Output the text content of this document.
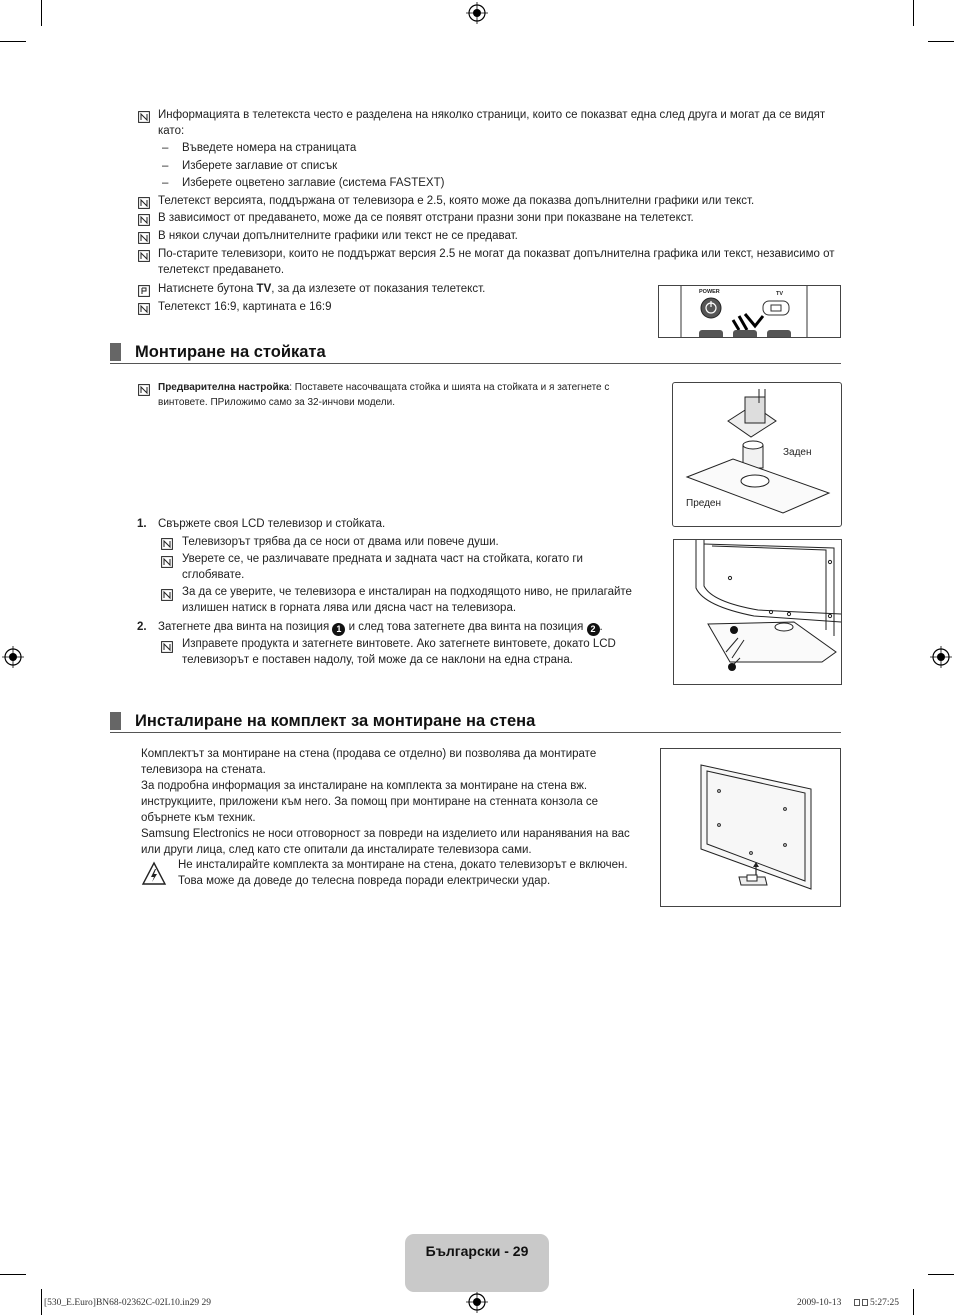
Информацията в телетекста често е разделена на няколко страници, които се показват една след друга и могат да се видят като:
– Въведете номера на страницата
– Изберете заглавие от списък
– Изберете оцветено заглавие (система FASTEXT)
Телетекст версията, поддържана от телевизора е 2.5, която може да показва допълнителни графики или текст.
В зависимост от предаването, може да се появят отстрани празни зони при показване на телетекст.
В някои случаи допълнителните графики или текст не се предават.
По-старите телевизори, които не поддържат версия 2.5 не могат да показват допълнителна графика или текст, независимо от телетекст предаването.
Натиснете бутона TV, за да излезете от показания телетекст.
Телетекст 16:9, картината е 16:9
POWER	TV
Монтиране на стойката
Предварителна настройка: Поставете насочващата стойка и шията на стойката и я затегнете с винтовете. ПРиложимо само за 32-инчови модели.
Заден
Преден
1. Свържете своя LCD телевизор и стойката.
Телевизорът трябва да се носи от двама или повече души.
Уверете се, че различавате предната и задната част на стойката, когато ги сглобявате.
За да се уверите, че телевизора е инсталиран на подходящото ниво, не прилагайте излишен натиск в горната лява или дясна част на телевизора.
2. Затегнете два винта на позиция 1 и след това затегнете два винта на позиция 2 .
Изправете продукта и затегнете винтовете. Ако затегнете винтовете, докато LCD телевизорът е поставен надолу, той може да се наклони на една страна.
Инсталиране на комплект за монтиране на стена
Комплектът за монтиране на стена (продава се отделно) ви позволява да монтирате телевизора на стената.
За подробна информация за инсталиране на комплекта за монтиране на стена вж. инструкциите, приложени към него. За помощ при монтиране на стенната конзола се обърнете към техник.
Samsung Electronics не носи отговорност за повреди на изделието или наранявания на вас или други лица, след като сте опитали да инсталирате телевизора сами.
Не инсталирайте комплекта за монтиране на стена, докато телевизорът е включен. Това може да доведе до телесна повреда поради електрически удар.
Български - 29
[530_E.Euro]BN68-02362C-02L10.in29 29	2009-10-13
	5:27:25
